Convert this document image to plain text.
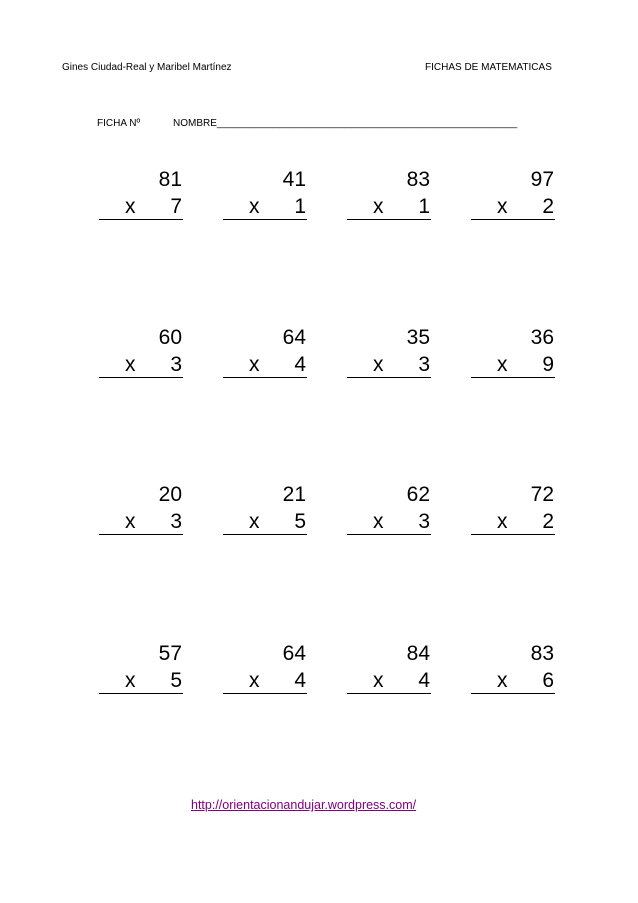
Gines Ciudad-Real y Maribel Martínez	FICHAS DE MATEMATICAS
FICHA Nº	NOMBRE______________________________________________________
81
x 7
41
x 1
83
x 1
97
x 2
60
x 3
64
x 4
35
x 3
36
x 9
20
x 3
21
x 5
62
x 3
72
x 2
57
x 5
64
x 4
84
x 4
83
x 6
http://orientacionandujar.wordpress.com/
